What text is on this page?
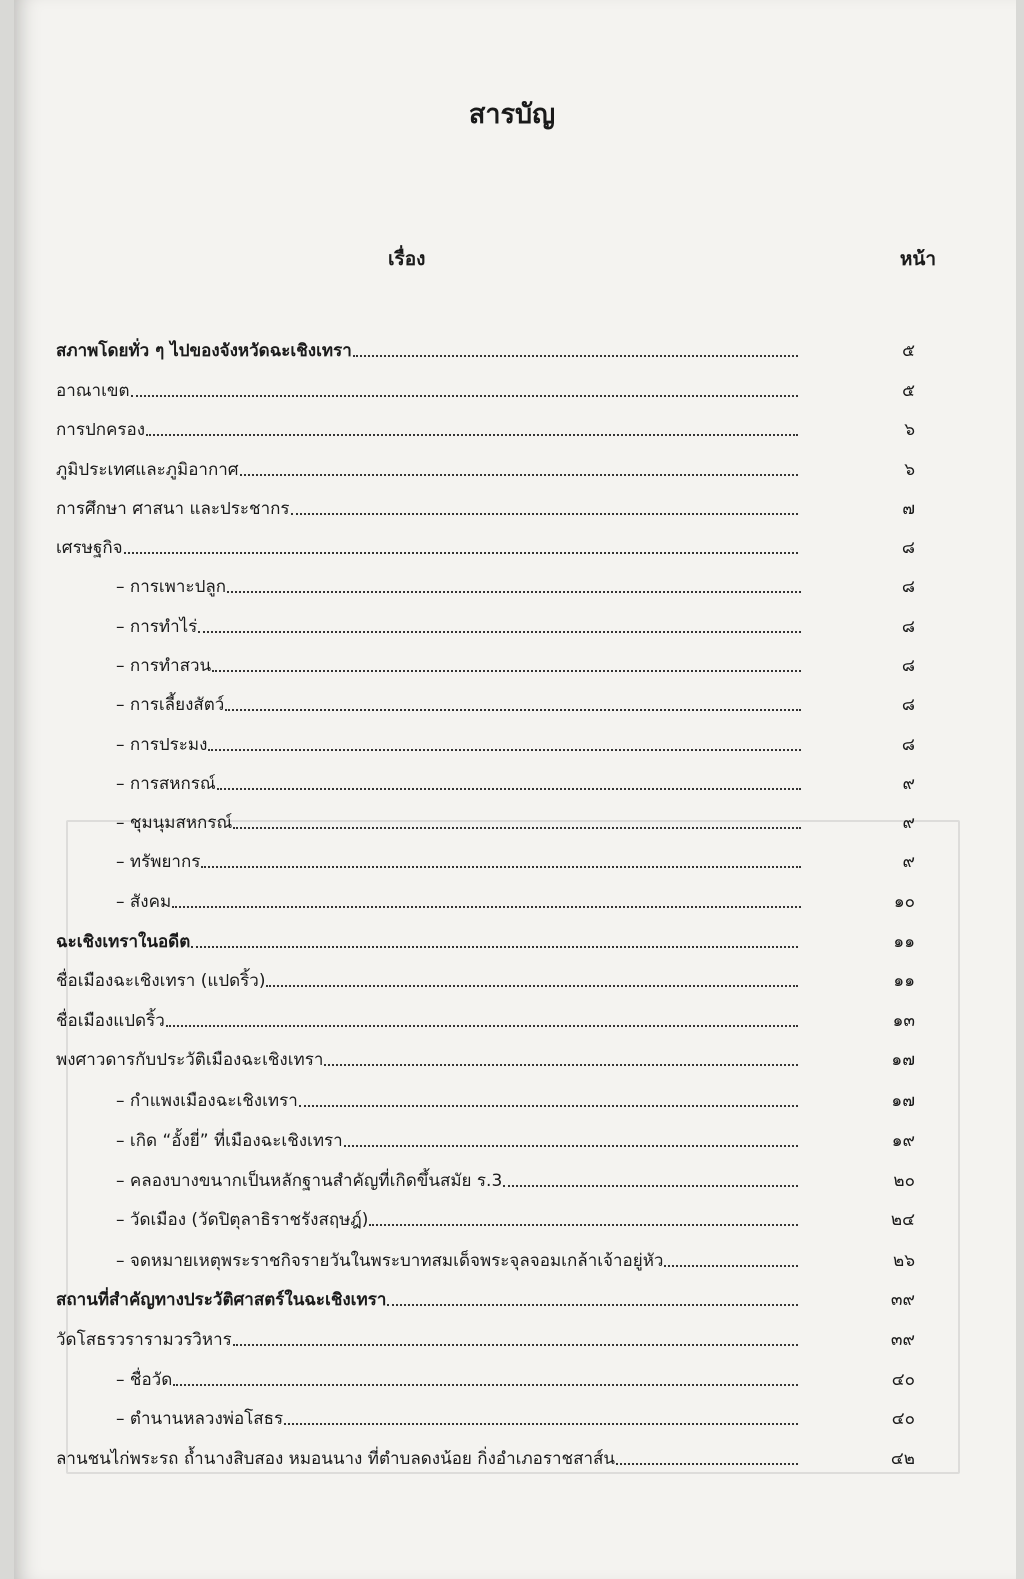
สารบัญ
เรื่อง	หน้า
สภาพโดยทั่ว ๆ ไปของจังหวัดฉะเชิงเทรา	๕
อาณาเขต	๕
การปกครอง	๖
ภูมิประเทศและภูมิอากาศ	๖
การศึกษา ศาสนา และประชากร	๗
เศรษฐกิจ	๘
– การเพาะปลูก	๘
– การทำไร่	๘
– การทำสวน	๘
– การเลี้ยงสัตว์	๘
– การประมง	๘
– การสหกรณ์	๙
– ชุมนุมสหกรณ์	๙
– ทรัพยากร	๙
– สังคม	๑๐
ฉะเชิงเทราในอดีต	๑๑
ชื่อเมืองฉะเชิงเทรา (แปดริ้ว)	๑๑
ชื่อเมืองแปดริ้ว	๑๓
พงศาวดารกับประวัติเมืองฉะเชิงเทรา	๑๗
– กำแพงเมืองฉะเชิงเทรา	๑๗
– เกิด “อั้งยี่” ที่เมืองฉะเชิงเทรา	๑๙
– คลองบางขนากเป็นหลักฐานสำคัญที่เกิดขึ้นสมัย ร.3	๒๐
– วัดเมือง (วัดปิตุลาธิราชรังสฤษฎ์)	๒๔
– จดหมายเหตุพระราชกิจรายวันในพระบาทสมเด็จพระจุลจอมเกล้าเจ้าอยู่หัว	๒๖
สถานที่สำคัญทางประวัติศาสตร์ในฉะเชิงเทรา	๓๙
วัดโสธรวรารามวรวิหาร	๓๙
– ชื่อวัด	๔๐
– ตำนานหลวงพ่อโสธร	๔๐
ลานชนไก่พระรถ ถ้ำนางสิบสอง หมอนนาง ที่ตำบลดงน้อย กิ่งอำเภอราชสาส์น	๔๒
